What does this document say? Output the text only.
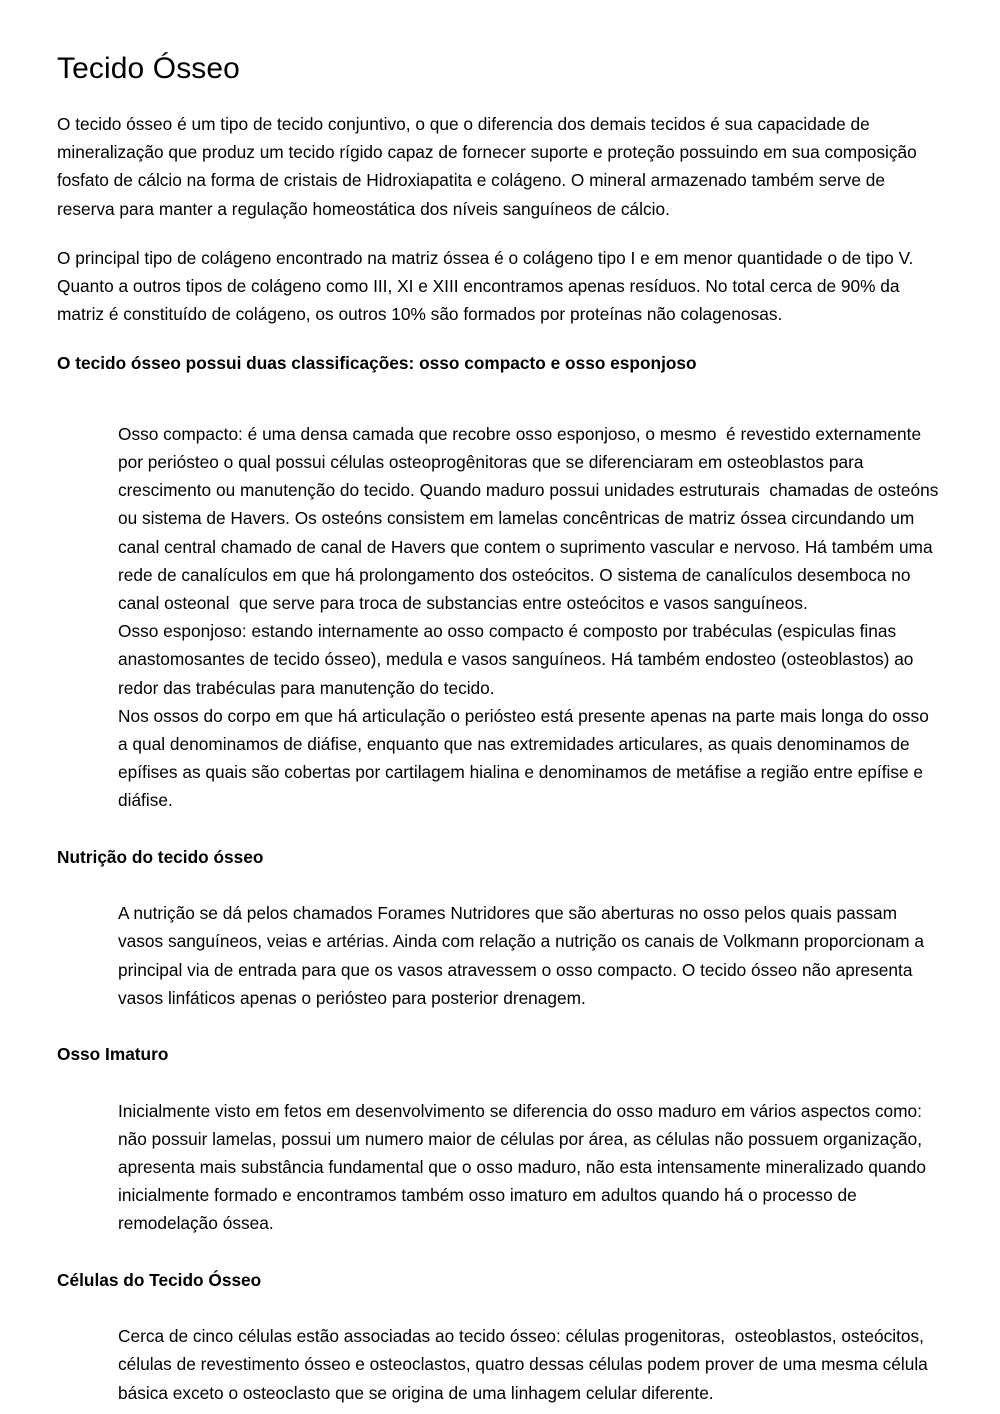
Tecido Ósseo

O tecido ósseo é um tipo de tecido conjuntivo, o que o diferencia dos demais tecidos é sua capacidade de mineralização que produz um tecido rígido capaz de fornecer suporte e proteção possuindo em sua composição fosfato de cálcio na forma de cristais de Hidroxiapatita e colágeno. O mineral armazenado também serve de reserva para manter a regulação homeostática dos níveis sanguíneos de cálcio.

O principal tipo de colágeno encontrado na matriz óssea é o colágeno tipo I e em menor quantidade o de tipo V. Quanto a outros tipos de colágeno como III, XI e XIII encontramos apenas resíduos. No total cerca de 90% da matriz é constituído de colágeno, os outros 10% são formados por proteínas não colagenosas.

O tecido ósseo possui duas classificações: osso compacto e osso esponjoso

Osso compacto: é uma densa camada que recobre osso esponjoso, o mesmo  é revestido externamente por periósteo o qual possui células osteoprogênitoras que se diferenciaram em osteoblastos para crescimento ou manutenção do tecido. Quando maduro possui unidades estruturais  chamadas de osteóns ou sistema de Havers. Os osteóns consistem em lamelas concêntricas de matriz óssea circundando um canal central chamado de canal de Havers que contem o suprimento vascular e nervoso. Há também uma rede de canalículos em que há prolongamento dos osteócitos. O sistema de canalículos desemboca no canal osteonal  que serve para troca de substancias entre osteócitos e vasos sanguíneos.

Osso esponjoso: estando internamente ao osso compacto é composto por trabéculas (espiculas finas anastomosantes de tecido ósseo), medula e vasos sanguíneos. Há também endosteo (osteoblastos) ao redor das trabéculas para manutenção do tecido.

Nos ossos do corpo em que há articulação o periósteo está presente apenas na parte mais longa do osso a qual denominamos de diáfise, enquanto que nas extremidades articulares, as quais denominamos de epífises as quais são cobertas por cartilagem hialina e denominamos de metáfise a região entre epífise e diáfise.

Nutrição do tecido ósseo

A nutrição se dá pelos chamados Forames Nutridores que são aberturas no osso pelos quais passam vasos sanguíneos, veias e artérias. Ainda com relação a nutrição os canais de Volkmann proporcionam a principal via de entrada para que os vasos atravessem o osso compacto. O tecido ósseo não apresenta vasos linfáticos apenas o periósteo para posterior drenagem.

Osso Imaturo

Inicialmente visto em fetos em desenvolvimento se diferencia do osso maduro em vários aspectos como: não possuir lamelas, possui um numero maior de células por área, as células não possuem organização, apresenta mais substância fundamental que o osso maduro, não esta intensamente mineralizado quando inicialmente formado e encontramos também osso imaturo em adultos quando há o processo de remodelação óssea.

Células do Tecido Ósseo

Cerca de cinco células estão associadas ao tecido ósseo: células progenitoras,  osteoblastos, osteócitos, células de revestimento ósseo e osteoclastos, quatro dessas células podem prover de uma mesma célula básica exceto o osteoclasto que se origina de uma linhagem celular diferente.
